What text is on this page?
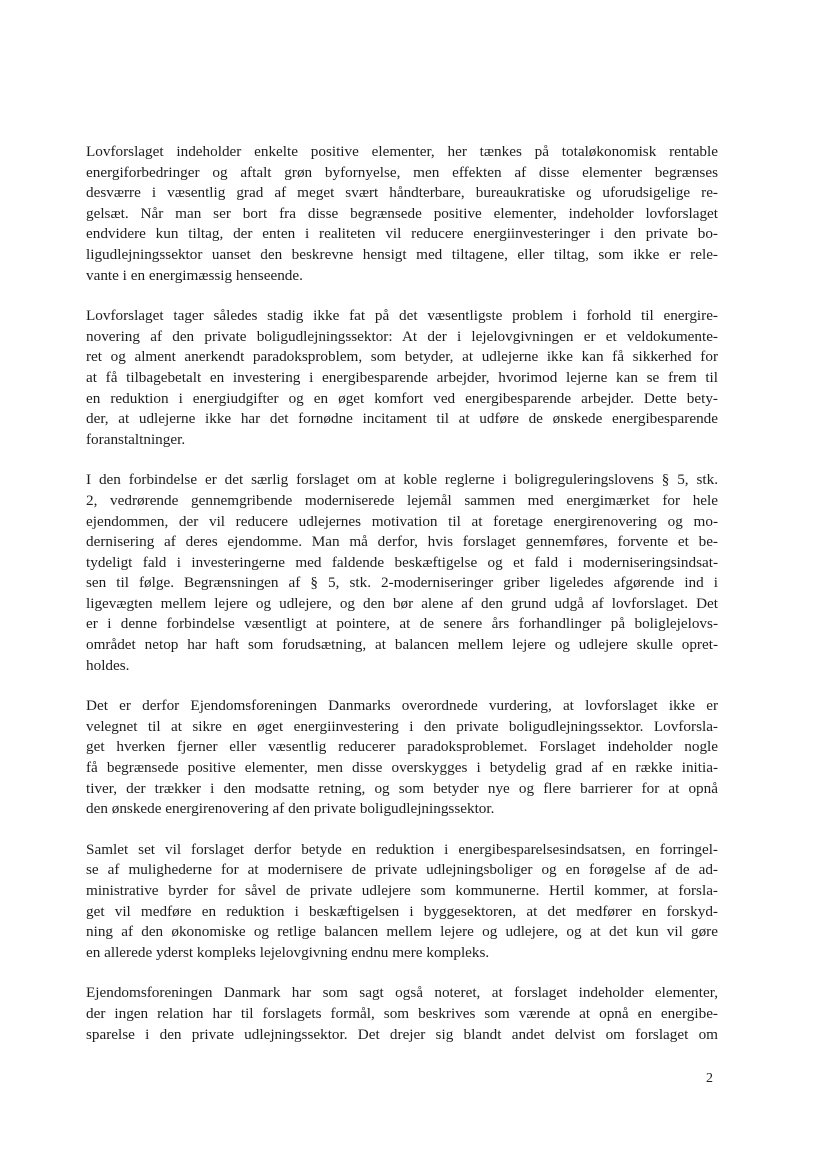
Lovforslaget indeholder enkelte positive elementer, her tænkes på totaløkonomisk rentable
energiforbedringer og aftalt grøn byfornyelse, men effekten af disse elementer begrænses
desværre i væsentlig grad af meget svært håndterbare, bureaukratiske og uforudsigelige re-
gelsæt. Når man ser bort fra disse begrænsede positive elementer, indeholder lovforslaget
endvidere kun tiltag, der enten i realiteten vil reducere energiinvesteringer i den private bo-
ligudlejningssektor uanset den beskrevne hensigt med tiltagene, eller tiltag, som ikke er rele-
vante i en energimæssig henseende.
Lovforslaget tager således stadig ikke fat på det væsentligste problem i forhold til energire-
novering af den private boligudlejningssektor: At der i lejelovgivningen er et veldokumente-
ret og alment anerkendt paradoksproblem, som betyder, at udlejerne ikke kan få sikkerhed for
at få tilbagebetalt en investering i energibesparende arbejder, hvorimod lejerne kan se frem til
en reduktion i energiudgifter og en øget komfort ved energibesparende arbejder. Dette bety-
der, at udlejerne ikke har det fornødne incitament til at udføre de ønskede energibesparende
foranstaltninger.
I den forbindelse er det særlig forslaget om at koble reglerne i boligreguleringslovens § 5, stk.
2, vedrørende gennemgribende moderniserede lejemål sammen med energimærket for hele
ejendommen, der vil reducere udlejernes motivation til at foretage energirenovering og mo-
dernisering af deres ejendomme. Man må derfor, hvis forslaget gennemføres, forvente et be-
tydeligt fald i investeringerne med faldende beskæftigelse og et fald i moderniseringsindsat-
sen til følge. Begrænsningen af § 5, stk. 2-moderniseringer griber ligeledes afgørende ind i
ligevægten mellem lejere og udlejere, og den bør alene af den grund udgå af lovforslaget. Det
er i denne forbindelse væsentligt at pointere, at de senere års forhandlinger på boliglejelovs-
området netop har haft som forudsætning, at balancen mellem lejere og udlejere skulle opret-
holdes.
Det er derfor Ejendomsforeningen Danmarks overordnede vurdering, at lovforslaget ikke er
velegnet til at sikre en øget energiinvestering i den private boligudlejningssektor. Lovforsla-
get hverken fjerner eller væsentlig reducerer paradoksproblemet. Forslaget indeholder nogle
få begrænsede positive elementer, men disse overskygges i betydelig grad af en række initia-
tiver, der trækker i den modsatte retning, og som betyder nye og flere barrierer for at opnå
den ønskede energirenovering af den private boligudlejningssektor.
Samlet set vil forslaget derfor betyde en reduktion i energibesparelsesindsatsen, en forringel-
se af mulighederne for at modernisere de private udlejningsboliger og en forøgelse af de ad-
ministrative byrder for såvel de private udlejere som kommunerne. Hertil kommer, at forsla-
get vil medføre en reduktion i beskæftigelsen i byggesektoren, at det medfører en forskyd-
ning af den økonomiske og retlige balancen mellem lejere og udlejere, og at det kun vil gøre
en allerede yderst kompleks lejelovgivning endnu mere kompleks.
Ejendomsforeningen Danmark har som sagt også noteret, at forslaget indeholder elementer,
der ingen relation har til forslagets formål, som beskrives som værende at opnå en energibe-
sparelse i den private udlejningssektor. Det drejer sig blandt andet delvist om forslaget om
2
